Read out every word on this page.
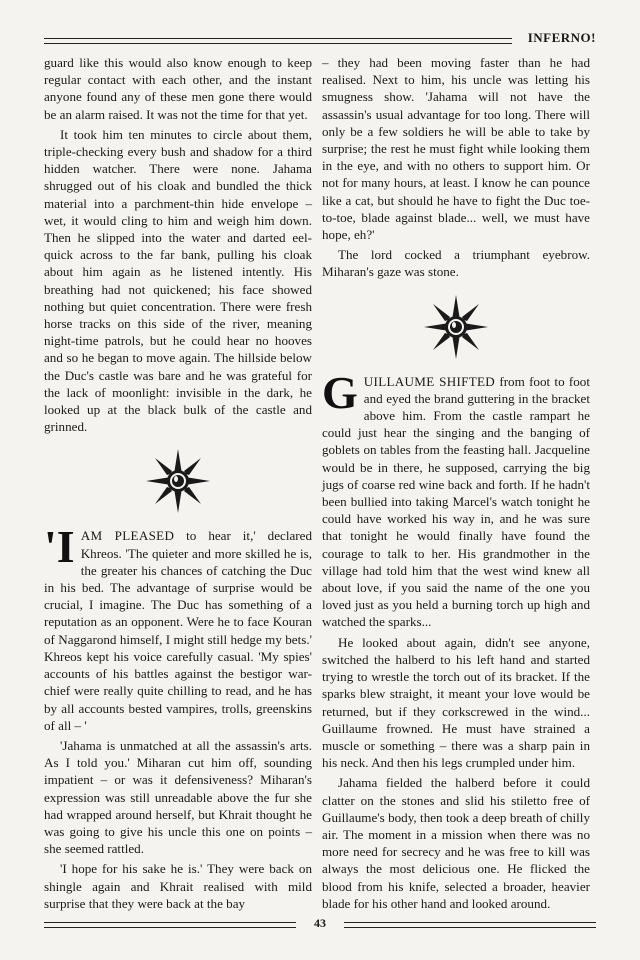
INFERNO!

guard like this would also know enough to keep regular contact with each other, and the instant anyone found any of these men gone there would be an alarm raised. It was not the time for that yet.

It took him ten minutes to circle about them, triple-checking every bush and shadow for a third hidden watcher. There were none. Jahama shrugged out of his cloak and bundled the thick material into a parchment-thin hide envelope – wet, it would cling to him and weigh him down. Then he slipped into the water and darted eel-quick across to the far bank, pulling his cloak about him again as he listened intently. His breathing had not quickened; his face showed nothing but quiet concentration. There were fresh horse tracks on this side of the river, meaning night-time patrols, but he could hear no hooves and so he began to move again. The hillside below the Duc's castle was bare and he was grateful for the lack of moonlight: invisible in the dark, he looked up at the black bulk of the castle and grinned.

'IAM PLEASED to hear it,' declared Khreos. 'The quieter and more skilled he is, the greater his chances of catching the Duc in his bed. The advantage of surprise would be crucial, I imagine. The Duc has something of a reputation as an opponent. Were he to face Kouran of Naggarond himself, I might still hedge my bets.' Khreos kept his voice carefully casual. 'My spies' accounts of his battles against the bestigor war-chief were really quite chilling to read, and he has by all accounts bested vampires, trolls, greenskins of all – '

'Jahama is unmatched at all the assassin's arts. As I told you.' Miharan cut him off, sounding impatient – or was it defensiveness? Miharan's expression was still unreadable above the fur she had wrapped around herself, but Khrait thought he was going to give his uncle this one on points – she seemed rattled.

'I hope for his sake he is.' They were back on shingle again and Khrait realised with mild surprise that they were back at the bay

– they had been moving faster than he had realised. Next to him, his uncle was letting his smugness show. 'Jahama will not have the assassin's usual advantage for too long. There will only be a few soldiers he will be able to take by surprise; the rest he must fight while looking them in the eye, and with no others to support him. Or not for many hours, at least. I know he can pounce like a cat, but should he have to fight the Duc toe-to-toe, blade against blade... well, we must have hope, eh?'

The lord cocked a triumphant eyebrow. Miharan's gaze was stone.

GUILLAUME SHIFTED from foot to foot and eyed the brand guttering in the bracket above him. From the castle rampart he could just hear the singing and the banging of goblets on tables from the feasting hall. Jacqueline would be in there, he supposed, carrying the big jugs of coarse red wine back and forth. If he hadn't been bullied into taking Marcel's watch tonight he could have worked his way in, and he was sure that tonight he would finally have found the courage to talk to her. His grandmother in the village had told him that the west wind knew all about love, if you said the name of the one you loved just as you held a burning torch up high and watched the sparks...

He looked about again, didn't see anyone, switched the halberd to his left hand and started trying to wrestle the torch out of its bracket. If the sparks blew straight, it meant your love would be returned, but if they corkscrewed in the wind... Guillaume frowned. He must have strained a muscle or something – there was a sharp pain in his neck. And then his legs crumpled under him.

Jahama fielded the halberd before it could clatter on the stones and slid his stiletto free of Guillaume's body, then took a deep breath of chilly air. The moment in a mission when there was no more need for secrecy and he was free to kill was always the most delicious one. He flicked the blood from his knife, selected a broader, heavier blade for his other hand and looked around.

43
